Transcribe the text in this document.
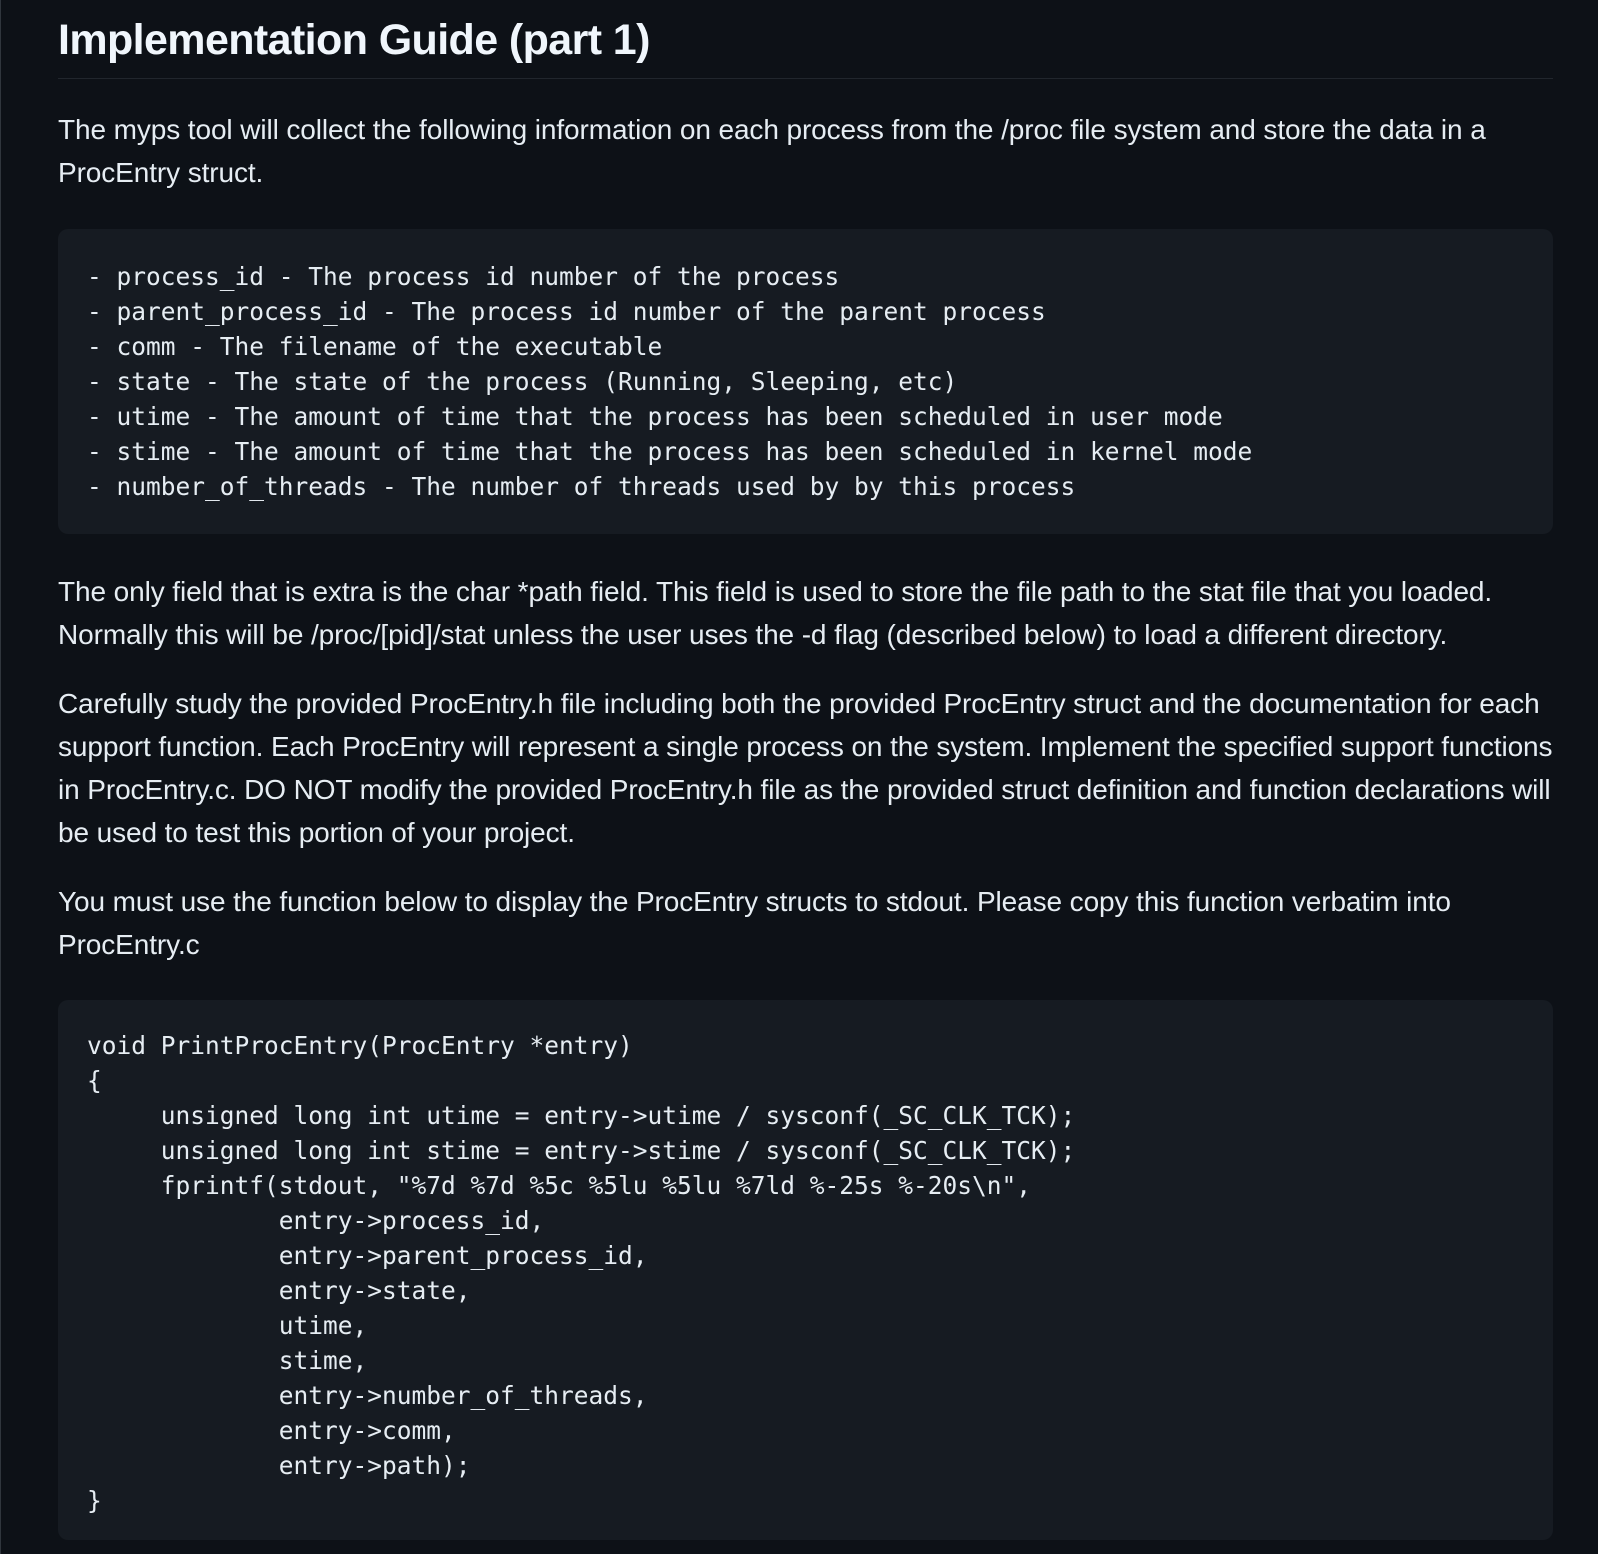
Implementation Guide (part 1)

The myps tool will collect the following information on each process from the /proc file system and store the data in a ProcEntry struct.

- process_id - The process id number of the process
- parent_process_id - The process id number of the parent process
- comm - The filename of the executable
- state - The state of the process (Running, Sleeping, etc)
- utime - The amount of time that the process has been scheduled in user mode
- stime - The amount of time that the process has been scheduled in kernel mode
- number_of_threads - The number of threads used by by this process

The only field that is extra is the char *path field. This field is used to store the file path to the stat file that you loaded. Normally this will be /proc/[pid]/stat unless the user uses the -d flag (described below) to load a different directory.

Carefully study the provided ProcEntry.h file including both the provided ProcEntry struct and the documentation for each support function. Each ProcEntry will represent a single process on the system. Implement the specified support functions in ProcEntry.c. DO NOT modify the provided ProcEntry.h file as the provided struct definition and function declarations will be used to test this portion of your project.

You must use the function below to display the ProcEntry structs to stdout. Please copy this function verbatim into ProcEntry.c

void PrintProcEntry(ProcEntry *entry)
{
unsigned long int utime = entry->utime / sysconf(_SC_CLK_TCK);
unsigned long int stime = entry->stime / sysconf(_SC_CLK_TCK);
fprintf(stdout, "%7d %7d %5c %5lu %5lu %7ld %-25s %-20s\n",
entry->process_id,
entry->parent_process_id,
entry->state,
utime,
stime,
entry->number_of_threads,
entry->comm,
entry->path);
}
